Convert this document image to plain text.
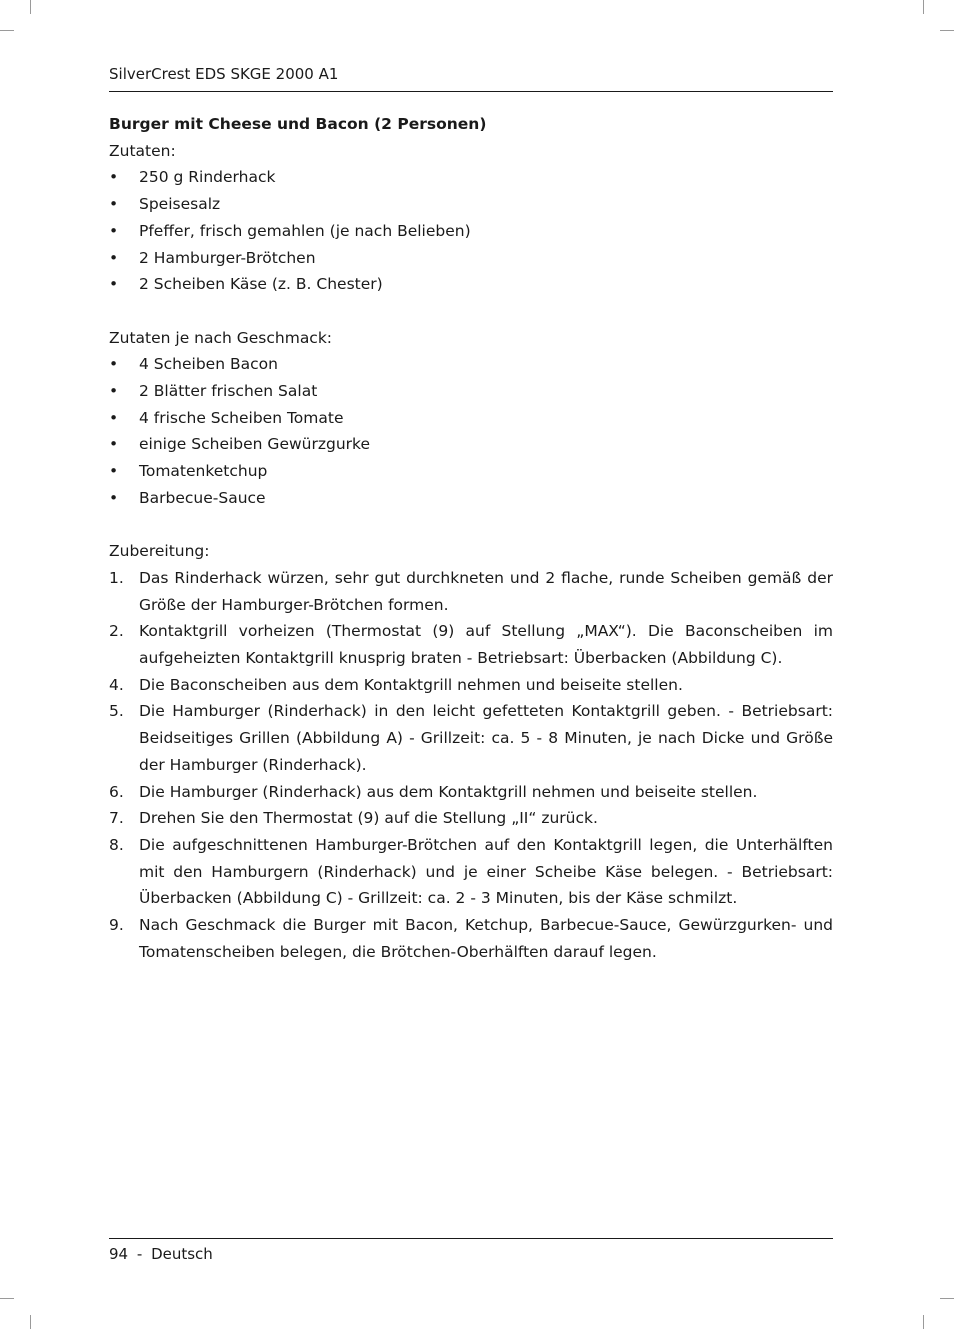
SilverCrest EDS SKGE 2000 A1
Burger mit Cheese und Bacon (2 Personen)
Zutaten:
• 250 g Rinderhack
• Speisesalz
• Pfeffer, frisch gemahlen (je nach Belieben)
• 2 Hamburger-Brötchen
• 2 Scheiben Käse (z. B. Chester)
Zutaten je nach Geschmack:
• 4 Scheiben Bacon
• 2 Blätter frischen Salat
• 4 frische Scheiben Tomate
• einige Scheiben Gewürzgurke
• Tomatenketchup
• Barbecue-Sauce
Zubereitung:
1. Das Rinderhack würzen, sehr gut durchkneten und 2 flache, runde Scheiben gemäß der Größe der Hamburger-Brötchen formen.
2. Kontaktgrill vorheizen (Thermostat (9) auf Stellung „MAX“). Die Baconscheiben im aufgeheizten Kontaktgrill knusprig braten - Betriebsart: Überbacken (Abbildung C).
4. Die Baconscheiben aus dem Kontaktgrill nehmen und beiseite stellen.
5. Die Hamburger (Rinderhack) in den leicht gefetteten Kontaktgrill geben. - Betriebsart: Beidseitiges Grillen (Abbildung A) - Grillzeit: ca. 5 - 8 Minuten, je nach Dicke und Größe der Hamburger (Rinderhack).
6. Die Hamburger (Rinderhack) aus dem Kontaktgrill nehmen und beiseite stellen.
7. Drehen Sie den Thermostat (9) auf die Stellung „II“ zurück.
8. Die aufgeschnittenen Hamburger-Brötchen auf den Kontaktgrill legen, die Unterhälften mit den Hamburgern (Rinderhack) und je einer Scheibe Käse belegen. - Betriebsart: Überbacken (Abbildung C) - Grillzeit: ca. 2 - 3 Minuten, bis der Käse schmilzt.
9. Nach Geschmack die Burger mit Bacon, Ketchup, Barbecue-Sauce, Gewürzgurken- und Tomatenscheiben belegen, die Brötchen-Oberhälften darauf legen.
94 - Deutsch
